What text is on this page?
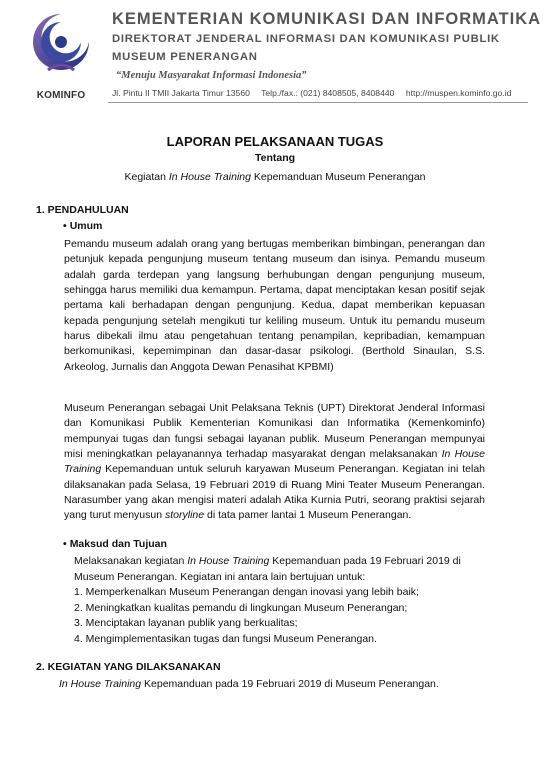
KOMINFO
KEMENTERIAN KOMUNIKASI DAN INFORMATIKA
DIREKTORAT JENDERAL INFORMASI DAN KOMUNIKASI PUBLIK
MUSEUM PENERANGAN
“Menuju Masyarakat Informasi Indonesia”
Jl. Pintu II TMII Jakarta Timur 13560 Telp./fax.: (021) 8408505, 8408440 http://muspen.kominfo.go.id
LAPORAN PELAKSANAAN TUGAS
Tentang
Kegiatan In House Training Kepemanduan Museum Penerangan
1. PENDAHULUAN
• Umum
Pemandu museum adalah orang yang bertugas memberikan bimbingan, penerangan dan petunjuk kepada pengunjung museum tentang museum dan isinya. Pemandu museum adalah garda terdepan yang langsung berhubungan dengan pengunjung museum, sehingga harus memiliki dua kemampun. Pertama, dapat menciptakan kesan positif sejak pertama kali berhadapan dengan pengunjung. Kedua, dapat memberikan kepuasan kepada pengunjung setelah mengikuti tur keliling museum. Untuk itu pemandu museum harus dibekali ilmu atau pengetahuan tentang penampilan, kepribadian, kemampuan berkomunikasi, kepemimpinan dan dasar-dasar psikologi. (Berthold Sinaulan, S.S. Arkeolog, Jurnalis dan Anggota Dewan Penasihat KPBMI)
Museum Penerangan sebagai Unit Pelaksana Teknis (UPT) Direktorat Jenderal Informasi dan Komunikasi Publik Kementerian Komunikasi dan Informatika (Kemenkominfo) mempunyai tugas dan fungsi sebagai layanan publik. Museum Penerangan mempunyai misi meningkatkan pelayanannya terhadap masyarakat dengan melaksanakan In House Training Kepemanduan untuk seluruh karyawan Museum Penerangan. Kegiatan ini telah dilaksanakan pada Selasa, 19 Februari 2019 di Ruang Mini Teater Museum Penerangan. Narasumber yang akan mengisi materi adalah Atika Kurnia Putri, seorang praktisi sejarah yang turut menyusun storyline di tata pamer lantai 1 Museum Penerangan.
• Maksud dan Tujuan
Melaksanakan kegiatan In House Training Kepemanduan pada 19 Februari 2019 di
Museum Penerangan. Kegiatan ini antara lain bertujuan untuk:
1. Memperkenalkan Museum Penerangan dengan inovasi yang lebih baik;
2. Meningkatkan kualitas pemandu di lingkungan Museum Penerangan;
3. Menciptakan layanan publik yang berkualitas;
4. Mengimplementasikan tugas dan fungsi Museum Penerangan.
2. KEGIATAN YANG DILAKSANAKAN
In House Training Kepemanduan pada 19 Februari 2019 di Museum Penerangan.
